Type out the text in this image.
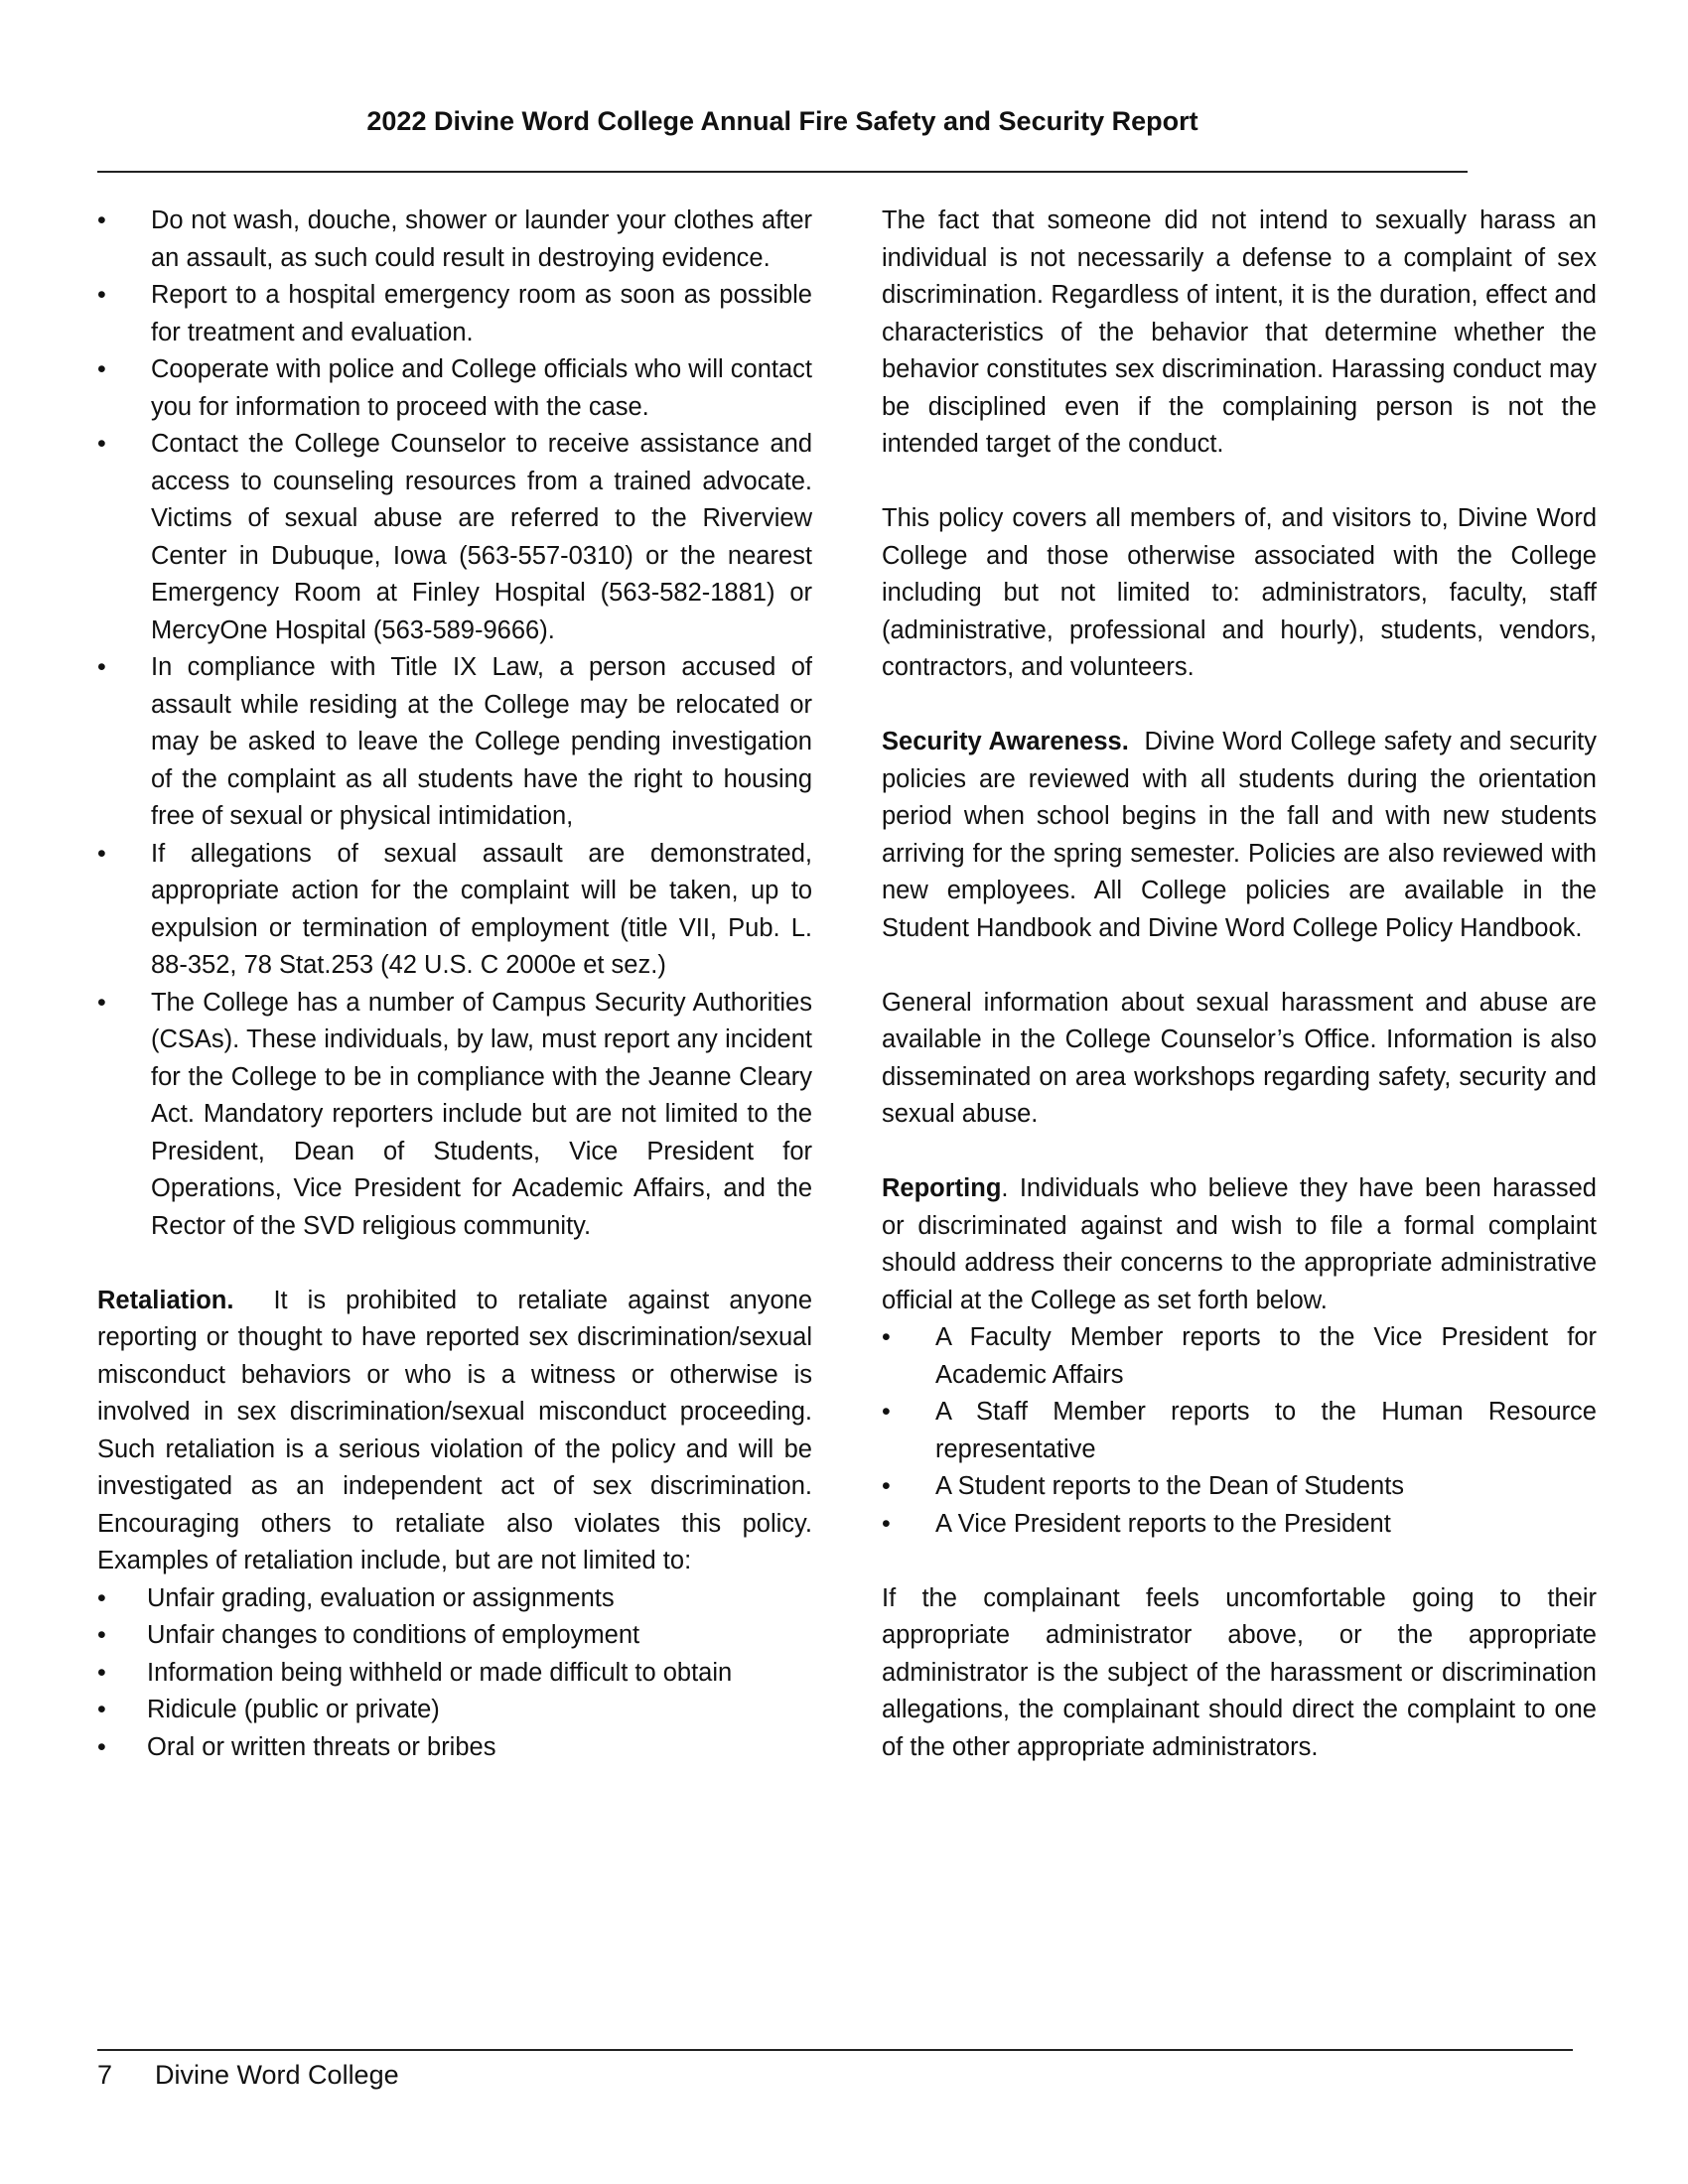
2022 Divine Word College Annual Fire Safety and Security Report
• Do not wash, douche, shower or launder your clothes after an assault, as such could result in destroying evidence.
• Report to a hospital emergency room as soon as possible for treatment and evaluation.
• Cooperate with police and College officials who will contact you for information to proceed with the case.
• Contact the College Counselor to receive assistance and access to counseling resources from a trained advocate. Victims of sexual abuse are referred to the Riverview Center in Dubuque, Iowa (563-557-0310) or the nearest Emergency Room at Finley Hospital (563-582-1881) or MercyOne Hospital (563-589-9666).
• In compliance with Title IX Law, a person accused of assault while residing at the College may be relocated or may be asked to leave the College pending investigation of the complaint as all students have the right to housing free of sexual or physical intimidation,
• If allegations of sexual assault are demonstrated, appropriate action for the complaint will be taken, up to expulsion or termination of employment (title VII, Pub. L. 88-352, 78 Stat.253 (42 U.S. C 2000e et sez.)
• The College has a number of Campus Security Authorities (CSAs). These individuals, by law, must report any incident for the College to be in compliance with the Jeanne Cleary Act. Mandatory reporters include but are not limited to the President, Dean of Students, Vice President for Operations, Vice President for Academic Affairs, and the Rector of the SVD religious community.

Retaliation. It is prohibited to retaliate against anyone reporting or thought to have reported sex discrimination/sexual misconduct behaviors or who is a witness or otherwise is involved in sex discrimination/sexual misconduct proceeding. Such retaliation is a serious violation of the policy and will be investigated as an independent act of sex discrimination. Encouraging others to retaliate also violates this policy. Examples of retaliation include, but are not limited to:

• Unfair grading, evaluation or assignments
• Unfair changes to conditions of employment
• Information being withheld or made difficult to obtain
• Ridicule (public or private)
• Oral or written threats or bribes

The fact that someone did not intend to sexually harass an individual is not necessarily a defense to a complaint of sex discrimination. Regardless of intent, it is the duration, effect and characteristics of the behavior that determine whether the behavior constitutes sex discrimination. Harassing conduct may be disciplined even if the complaining person is not the intended target of the conduct.

This policy covers all members of, and visitors to, Divine Word College and those otherwise associated with the College including but not limited to: administrators, faculty, staff (administrative, professional and hourly), students, vendors, contractors, and volunteers.

Security Awareness. Divine Word College safety and security policies are reviewed with all students during the orientation period when school begins in the fall and with new students arriving for the spring semester. Policies are also reviewed with new employees. All College policies are available in the Student Handbook and Divine Word College Policy Handbook.

General information about sexual harassment and abuse are available in the College Counselor’s Office. Information is also disseminated on area workshops regarding safety, security and sexual abuse.

Reporting. Individuals who believe they have been harassed or discriminated against and wish to file a formal complaint should address their concerns to the appropriate administrative official at the College as set forth below.

• A Faculty Member reports to the Vice President for Academic Affairs
• A Staff Member reports to the Human Resource representative
• A Student reports to the Dean of Students
• A Vice President reports to the President

If the complainant feels uncomfortable going to their appropriate administrator above, or the appropriate administrator is the subject of the harassment or discrimination allegations, the complainant should direct the complaint to one of the other appropriate administrators.

7 Divine Word College
